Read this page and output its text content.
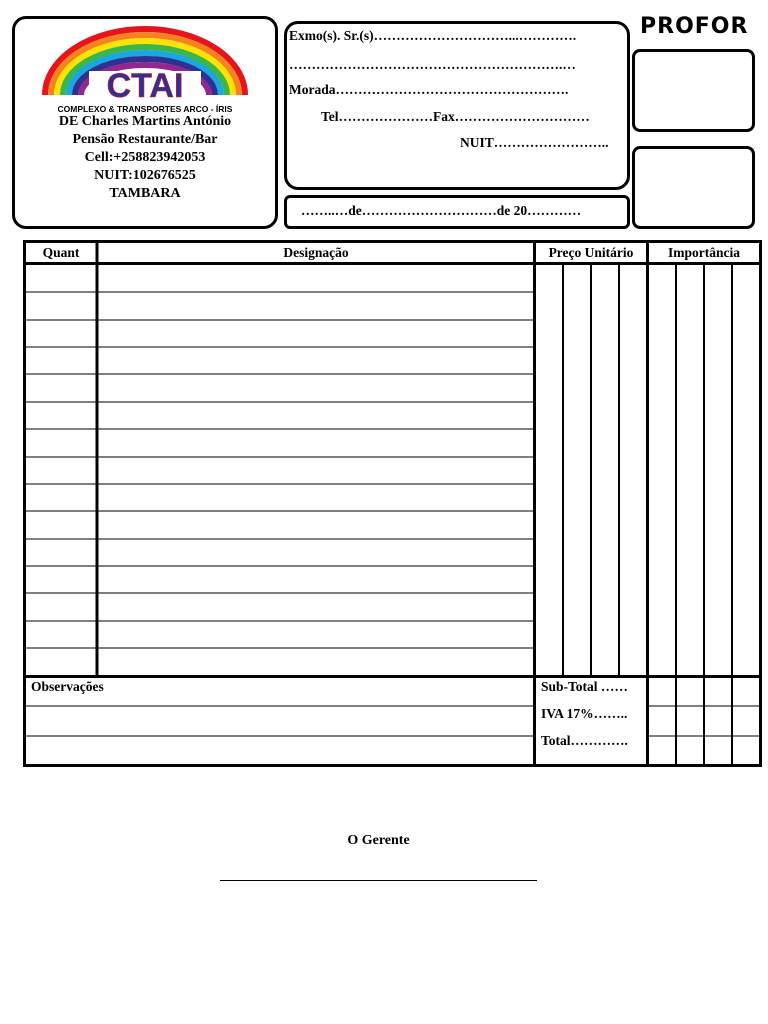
CTAI
COMPLEXO & TRANSPORTES ARCO - ÍRIS
DE Charles Martins António
Pensão Restaurante/Bar
Cell:+258823942053
NUIT:102676525
TAMBARA
Exmo(s). Sr.(s)…………………………...………….
…………………………………………………….…
Morada…………………………………………….
Tel…………………Fax…………………………
NUIT……………………..
……..…de…………………………de 20…………
PROFOR
Quant	Designação	Preço Unitário	Importância
Observações	Sub-Total ……
IVA 17%……..
Total………….
O Gerente
